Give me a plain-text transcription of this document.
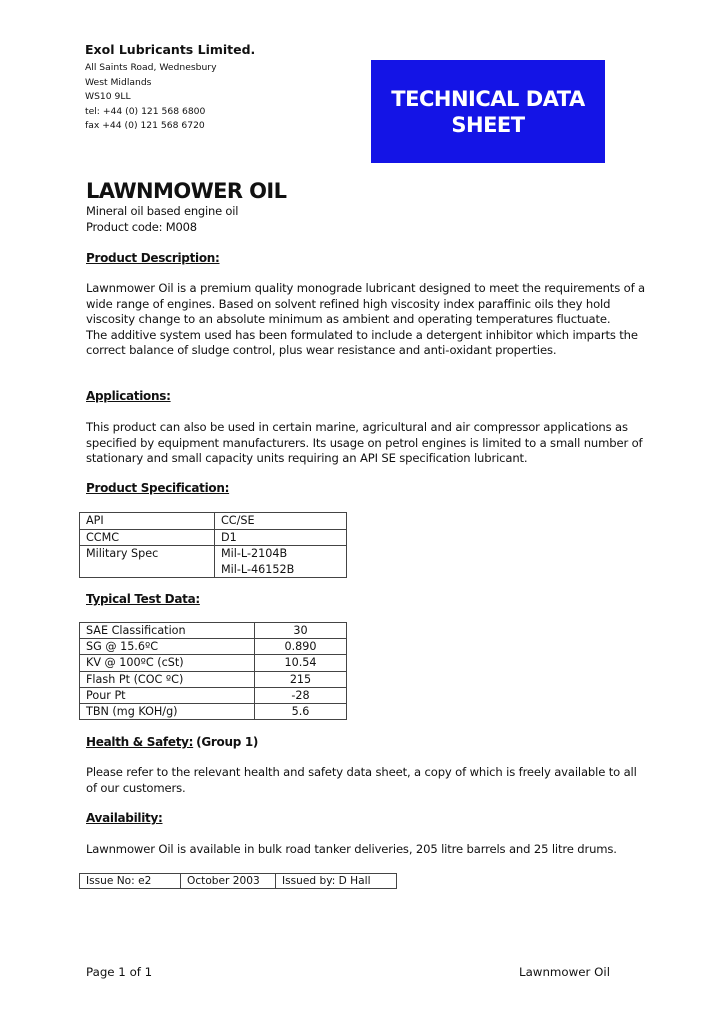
Exol Lubricants Limited.
All Saints Road, Wednesbury
West Midlands
WS10 9LL
tel: +44 (0) 121 568 6800
fax +44 (0) 121 568 6720
TECHNICAL DATA
SHEET
LAWNMOWER OIL
Mineral oil based engine oil
Product code: M008
Product Description:
Lawnmower Oil is a premium quality monograde lubricant designed to meet the requirements of a wide range of engines. Based on solvent refined high viscosity index paraffinic oils they hold viscosity change to an absolute minimum as ambient and operating temperatures fluctuate.
The additive system used has been formulated to include a detergent inhibitor which imparts the correct balance of sludge control, plus wear resistance and anti-oxidant properties.
Applications:
This product can also be used in certain marine, agricultural and air compressor applications as specified by equipment manufacturers. Its usage on petrol engines is limited to a small number of stationary and small capacity units requiring an API SE specification lubricant.
Product Specification:
API	CC/SE
CCMC	D1
Military Spec	Mil-L-2104B
Mil-L-46152B
Typical Test Data:
SAE Classification	30
SG @ 15.6ºC	0.890
KV @ 100ºC (cSt)	10.54
Flash Pt (COC ºC)	215
Pour Pt	-28
TBN (mg KOH/g)	5.6
Health & Safety: (Group 1)
Please refer to the relevant health and safety data sheet, a copy of which is freely available to all of our customers.
Availability:
Lawnmower Oil is available in bulk road tanker deliveries, 205 litre barrels and 25 litre drums.
Issue No: e2	October 2003	Issued by: D Hall
Page 1 of 1	Lawnmower Oil
